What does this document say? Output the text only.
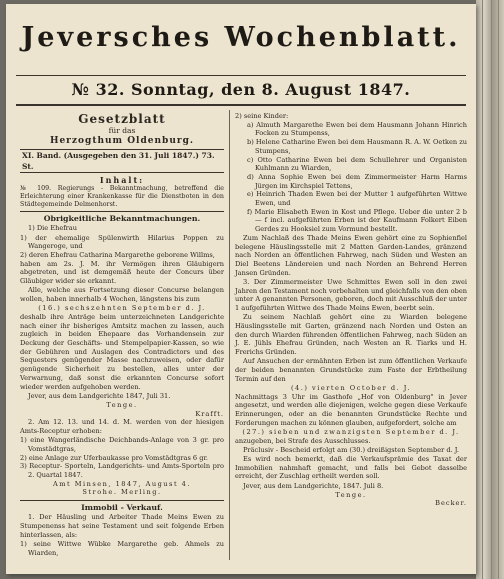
Jeversches Wochenblatt.
№ 32. Sonntag, den 8. August 1847.
Gesetzblatt
für das
Herzogthum Oldenburg.
XI. Band. (Ausgegeben den 31. Juli 1847.) 73. St.
Inhalt:
№ 109. Regierungs - Bekanntmachung, betreffend die Erleichterung einer Krankenkasse für die Dienstboten in den Städtegemeinde Delmenhorst.
Obrigkeitliche Bekanntmachungen.

1) Die Ehefrau

1) der ehemalige Spülenwirth Hilarius Poppen zu Wangeroge, und

2) deren Ehefrau Catharina Margarethe geborene Willms,

haben am 2s. J. M. ihr Vermögen ihren Gläubigern abgetreten, und ist demgemäß heute der Concurs über Gläubiger wider sie erkannt.

Alle, welche aus Fortsetzung dieser Concurse belangen wollen, haben innerhalb 4 Wochen, längstens bis zum

(16.) sechszehnten September d. J.

deshalb ihre Anträge beim unterzeichneten Landgerichte nach einer ihr bisheriges Amtsitz machen zu lassen, auch zugleich in beiden Ehepaare das Vorhandensein zur Deckung der Geschäfts- und Stempelpapier-Kassen, so wie der Gebühren und Auslagen des Contradictors und des Sequesters genügender Masse nachzuweisen, oder dafür genügende Sicherheit zu bestellen, alles unter der Verwarnung, daß sonst die erkannten Concurse sofort wieder werden aufgehoben werden.

Jever, aus dem Landgerichte 1847, Juli 31.

Tenge.

Krafft.

2. Am 12. 13. und 14. d. M. werden von der hiesigen Amts-Receptur erhoben:

1) eine Wangerländische Deichbands-Anlage von 3 gr. pro Vomstädtgras,

2) eine Anlage zur Uferbaukasse pro Vomstädtgras 6 gr.

3) Receptur- Sporteln, Landgerichts- und Amts-Sporteln pro 2. Quartal 1847.

Amt Minsen, 1847, August 4.

Strohe. Merling.

Immobil - Verkauf.

1. Der Häusling und Arbeiter Thade Meins Ewen zu Stumpenenss hat seine Testament und seit folgende Erben hinterlassen, als:

1) seine Wittwe Wübke Margarethe geb. Ahmels zu Wiarden,

2) seine Kinder:

a) Almuth Margarethe Ewen bei dem Hausmann Johann Hinrich Focken zu Stumpenss,

b) Helene Catharine Ewen bei dem Hausmann R. A. W. Oetken zu Stumpens,

c) Otto Catharine Ewen bei dem Schullehrer und Organisten Kuhlmann zu Wiarden,

d) Anna Sophie Ewen bei dem Zimmermeister Harm Harms Jürgen im Kirchspiel Tettens,

e) Heinrich Thaden Ewen bei der Mutter 1 aufgeführten Wittwe Ewen, und

f) Marie Elisabeth Ewen in Kost und Pflege. Ueber die unter 2 b — f incl. aufgeführten Erben ist der Kaufmann Folkert Eiben Gerdes zu Hooksiel zum Vormund bestellt.

Zum Nachlaß des Thade Meins Ewen gehört eine zu Sophienfiel belegene Häuslingsstelle mit 2 Matten Garden-Landes, gränzend nach Norden an öffentlichen Fahrweg, nach Süden und Westen an Diel Beetens Ländereien und nach Norden an Behrend Herren Jansen Gründen.

3. Der Zimmermeister Uwe Schmittes Ewen soll in den zwei Jahren den Testament noch vorbehalten und gleichfalls von den oben unter A genannten Personen, geboren, doch mit Ausschluß der unter 1 aufgeführten Wittwe des Thade Meins Ewen, beerbt sein.

Zu seinem Nachlaß gehört eine zu Wiarden belegene Häuslingsstelle mit Garten, gränzend nach Norden und Osten an den durch Wiarden führenden öffentlichen Fahrweg, nach Süden an J. E. Jühls Ehefrau Gründen, nach Westen an R. Tiarks und H. Frerichs Gründen.

Auf Ansuchen der ermähnten Erben ist zum öffentlichen Verkaufe der beiden benannten Grundstücke zum Faste der Erbtheilung Termin auf den

(4.) vierten October d. J.

Nachmittags 3 Uhr im Gasthofe „Hof von Oldenburg" in Jever angesetzt, und werden alle diejenigen, welche gegen diese Verkaufe Erinnerungen, oder an die benannten Grundstücke Rechte und Forderungen machen zu können glauben, aufgefordert, solche am

(27.) sieben und zwanzigsten September d. J.

anzugeben, bei Strafe des Ausschlusses.

Präclusiv - Bescheid erfolgt am (30.) dreißigsten September d. J.

Es wird noch bemerkt, daß die Verkaufsprämie des Taxat der Immobilien nahmhaft gemacht, und falls bei Gebot dasselbe erreicht, der Zuschlag ertheilt werden soll.

Jever, aus dem Landgerichte, 1847. Juli 8.

Tenge.

Becker.
